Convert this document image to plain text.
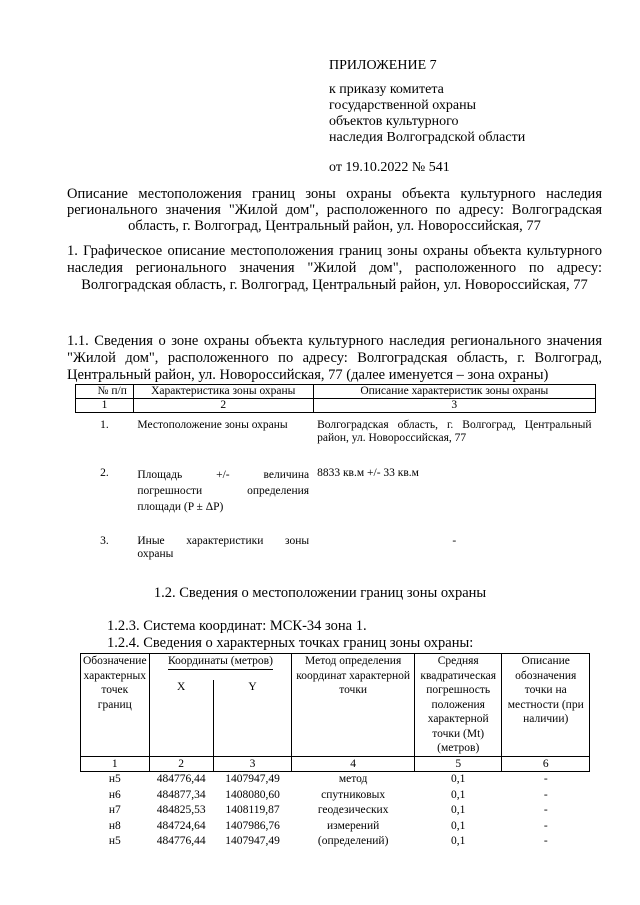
ПРИЛОЖЕНИЕ 7
к приказу комитета
государственной охраны
объектов культурного
наследия Волгоградской области
от 19.10.2022 № 541
Описание местоположения границ зоны охраны объекта культурного наследия регионального значения "Жилой дом", расположенного по адресу: Волгоградская область, г. Волгоград, Центральный район, ул. Новороссийская, 77
1. Графическое описание местоположения границ зоны охраны объекта культурного наследия регионального значения "Жилой дом", расположенного по адресу: Волгоградская область, г. Волгоград, Центральный район, ул. Новороссийская, 77
1.1. Сведения о зоне охраны объекта культурного наследия регионального значения "Жилой дом", расположенного по адресу: Волгоградская область, г. Волгоград, Центральный район, ул. Новороссийская, 77 (далее именуется – зона охраны)
№ п/п	Характеристика зоны охраны	Описание характеристик зоны охраны
1	2	3
1.	Местоположение зоны охраны	Волгоградская область, г. Волгоград, Центральный район, ул. Новороссийская, 77
2.	Площадь +/- величина погрешности определения площади (P ± ΔP)	8833 кв.м +/- 33 кв.м
3.	Иные характеристики зоны охраны	-
1.2. Сведения о местоположении границ зоны охраны
1.2.3. Система координат: МСК-34 зона 1.
1.2.4. Сведения о характерных точках границ зоны охраны:
Обозначение характерных точек границ	Координаты (метров)		Метод определения координат характерной точки	Средняя квадратическая погрешность положения характерной точки (Mt) (метров)	Описание обозначения точки на местности (при наличии)
	X	Y			
1	2	3	4	5	6
н5	484776,44	1407947,49	метод	0,1	-
н6	484877,34	1408080,60	спутниковых	0,1	-
н7	484825,53	1408119,87	геодезических	0,1	-
н8	484724,64	1407986,76	измерений	0,1	-
н5	484776,44	1407947,49	(определений)	0,1	-
